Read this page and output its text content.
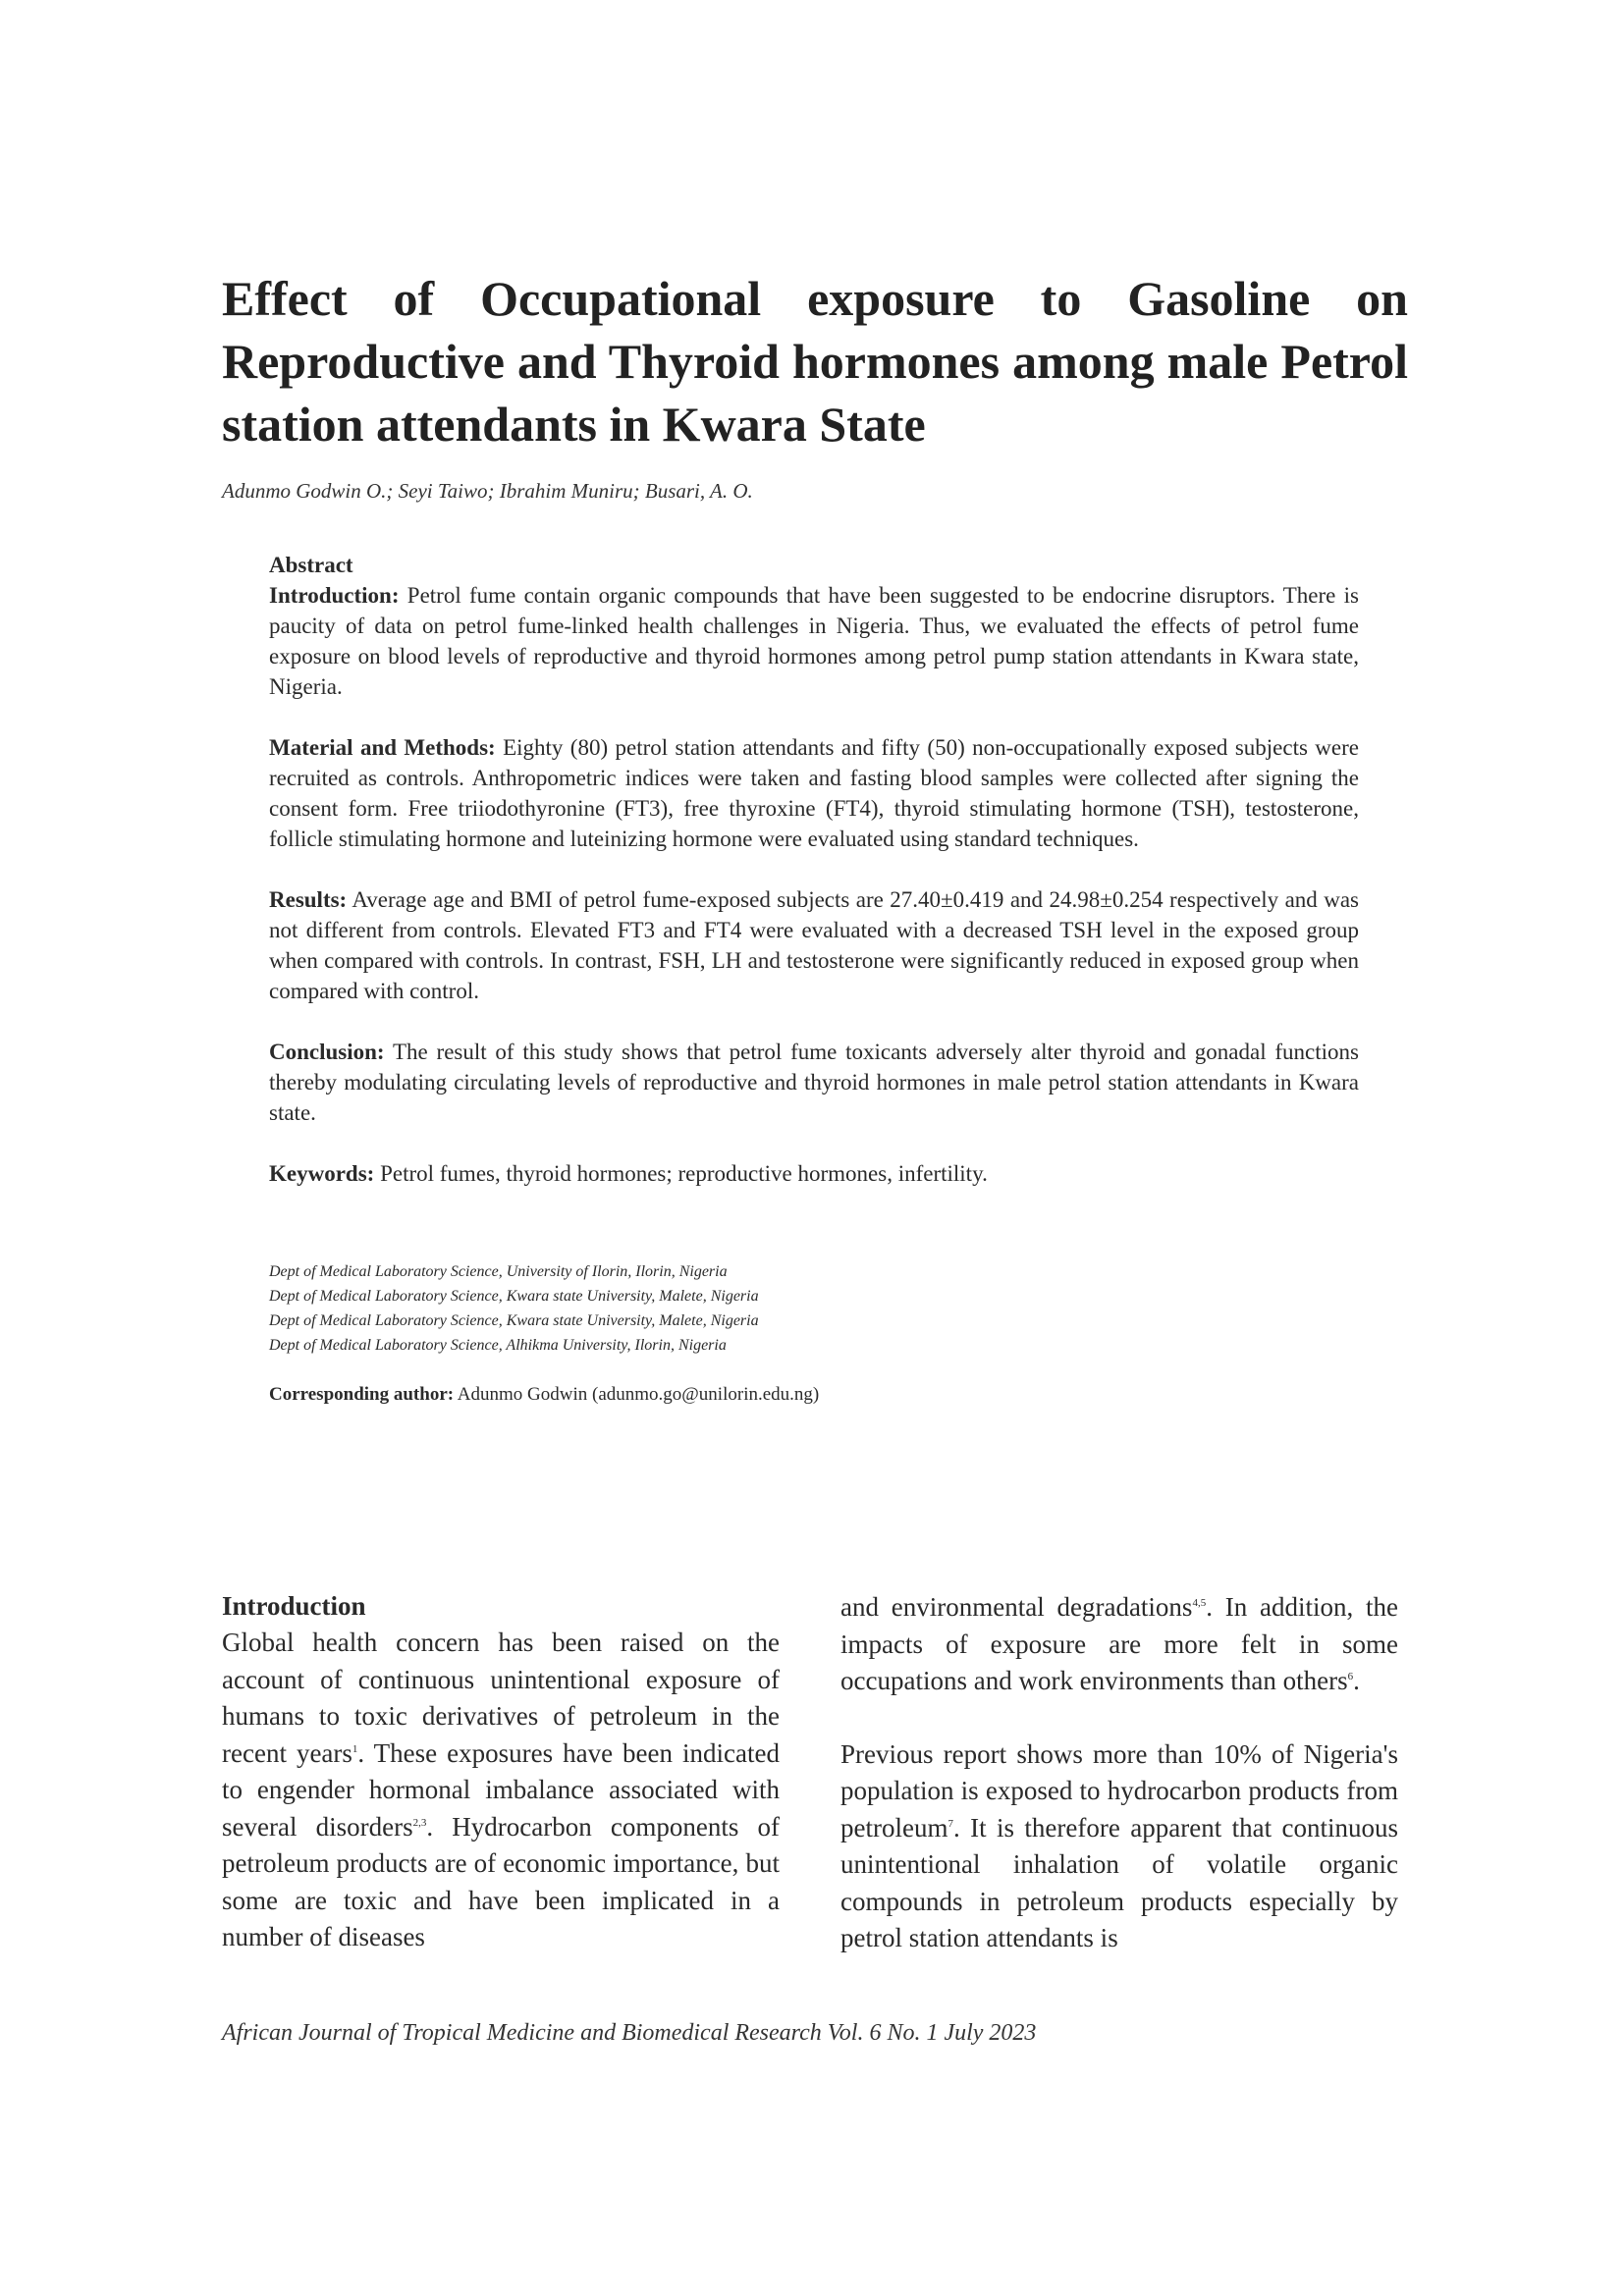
Effect of Occupational exposure to Gasoline on Reproductive and Thyroid hormones among male Petrol station attendants in Kwara State
Adunmo Godwin O.; Seyi Taiwo; Ibrahim Muniru; Busari, A. O.
Abstract

Introduction: Petrol fume contain organic compounds that have been suggested to be endocrine disruptors. There is paucity of data on petrol fume-linked health challenges in Nigeria. Thus, we evaluated the effects of petrol fume exposure on blood levels of reproductive and thyroid hormones among petrol pump station attendants in Kwara state, Nigeria.

Material and Methods: Eighty (80) petrol station attendants and fifty (50) non-occupationally exposed subjects were recruited as controls. Anthropometric indices were taken and fasting blood samples were collected after signing the consent form. Free triiodothyronine (FT3), free thyroxine (FT4), thyroid stimulating hormone (TSH), testosterone, follicle stimulating hormone and luteinizing hormone were evaluated using standard techniques.

Results: Average age and BMI of petrol fume-exposed subjects are 27.40±0.419 and 24.98±0.254 respectively and was not different from controls. Elevated FT3 and FT4 were evaluated with a decreased TSH level in the exposed group when compared with controls. In contrast, FSH, LH and testosterone were significantly reduced in exposed group when compared with control.

Conclusion: The result of this study shows that petrol fume toxicants adversely alter thyroid and gonadal functions thereby modulating circulating levels of reproductive and thyroid hormones in male petrol station attendants in Kwara state.

Keywords: Petrol fumes, thyroid hormones; reproductive hormones, infertility.

Dept of Medical Laboratory Science, University of Ilorin, Ilorin, Nigeria
Dept of Medical Laboratory Science, Kwara state University, Malete, Nigeria
Dept of Medical Laboratory Science, Kwara state University, Malete, Nigeria
Dept of Medical Laboratory Science, Alhikma University, Ilorin, Nigeria
Corresponding author: Adunmo Godwin (adunmo.go@unilorin.edu.ng)
Introduction

Global health concern has been raised on the account of continuous unintentional exposure of humans to toxic derivatives of petroleum in the recent years$^1$. These exposures have been indicated to engender hormonal imbalance associated with several disorders$^{2,3}$. Hydrocarbon components of petroleum products are of economic importance, but some are toxic and have been implicated in a number of diseases

and environmental degradations$^{4,5}$. In addition, the impacts of exposure are more felt in some occupations and work environments than others$^6$.

Previous report shows more than 10% of Nigeria's population is exposed to hydrocarbon products from petroleum$^7$. It is therefore apparent that continuous unintentional inhalation of volatile organic compounds in petroleum products especially by petrol station attendants is

African Journal of Tropical Medicine and Biomedical Research Vol. 6 No. 1 July 2023
